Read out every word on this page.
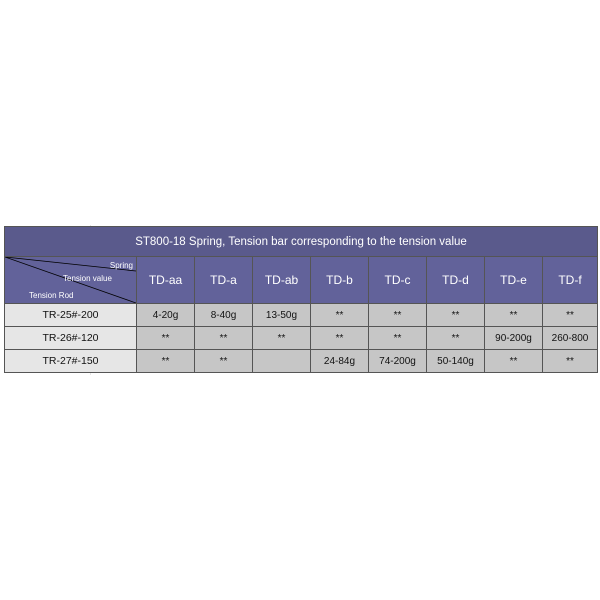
ST800-18 Spring, Tension bar corresponding to the tension value								

Spring
Tension value
Tension Rod	TD-aa	TD-a	TD-ab	TD-b	TD-c	TD-d	TD-e	TD-f
TR-25#-200	4-20g	8-40g	13-50g	**	**	**	**	**
TR-26#-120	**	**	**	**	**	**	90-200g	260-800
TR-27#-150	**	**		24-84g	74-200g	50-140g	**	**
